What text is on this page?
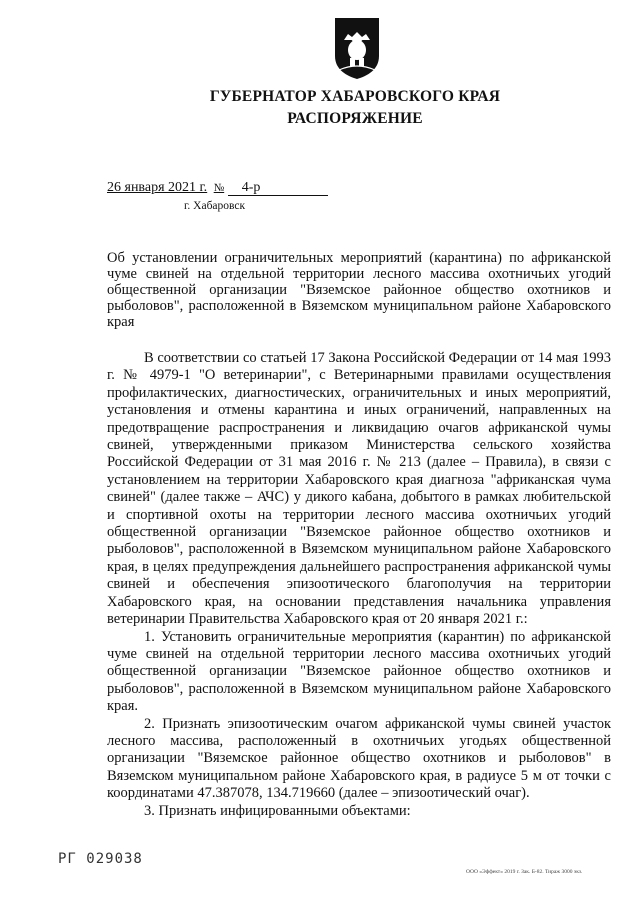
ГУБЕРНАТОР ХАБАРОВСКОГО КРАЯ
РАСПОРЯЖЕНИЕ
26 января 2021 г. № 4-р
г. Хабаровск

Об установлении ограничительных мероприятий (карантина) по африканской чуме свиней на отдельной территории лесного массива охотничьих угодий общественной организации "Вяземское районное общество охотников и рыболовов", расположенной в Вяземском муниципальном районе Хабаровского края

В соответствии со статьей 17 Закона Российской Федерации от 14 мая 1993 г. № 4979-1 "О ветеринарии", с Ветеринарными правилами осуществления профилактических, диагностических, ограничительных и иных мероприятий, установления и отмены карантина и иных ограничений, направленных на предотвращение распространения и ликвидацию очагов африканской чумы свиней, утвержденными приказом Министерства сельского хозяйства Российской Федерации от 31 мая 2016 г. № 213 (далее – Правила), в связи с установлением на территории Хабаровского края диагноза "африканская чума свиней" (далее также – АЧС) у дикого кабана, добытого в рамках любительской и спортивной охоты на территории лесного массива охотничьих угодий общественной организации "Вяземское районное общество охотников и рыболовов", расположенной в Вяземском муниципальном районе Хабаровского края, в целях предупреждения дальнейшего распространения африканской чумы свиней и обеспечения эпизоотического благополучия на территории Хабаровского края, на основании представления начальника управления ветеринарии Правительства Хабаровского края от 20 января 2021 г.:

1. Установить ограничительные мероприятия (карантин) по африканской чуме свиней на отдельной территории лесного массива охотничьих угодий общественной организации "Вяземское районное общество охотников и рыболовов", расположенной в Вяземском муниципальном районе Хабаровского края.

2. Признать эпизоотическим очагом африканской чумы свиней участок лесного массива, расположенный в охотничьих угодьях общественной организации "Вяземское районное общество охотников и рыболовов" в Вяземском муниципальном районе Хабаровского края, в радиусе 5 м от точки с координатами 47.387078, 134.719660 (далее – эпизоотический очаг).

3. Признать инфицированными объектами:

РГ 029038
ООО «Эффект» 2019 г. Зак. Б-82. Тираж 3000 экз.
